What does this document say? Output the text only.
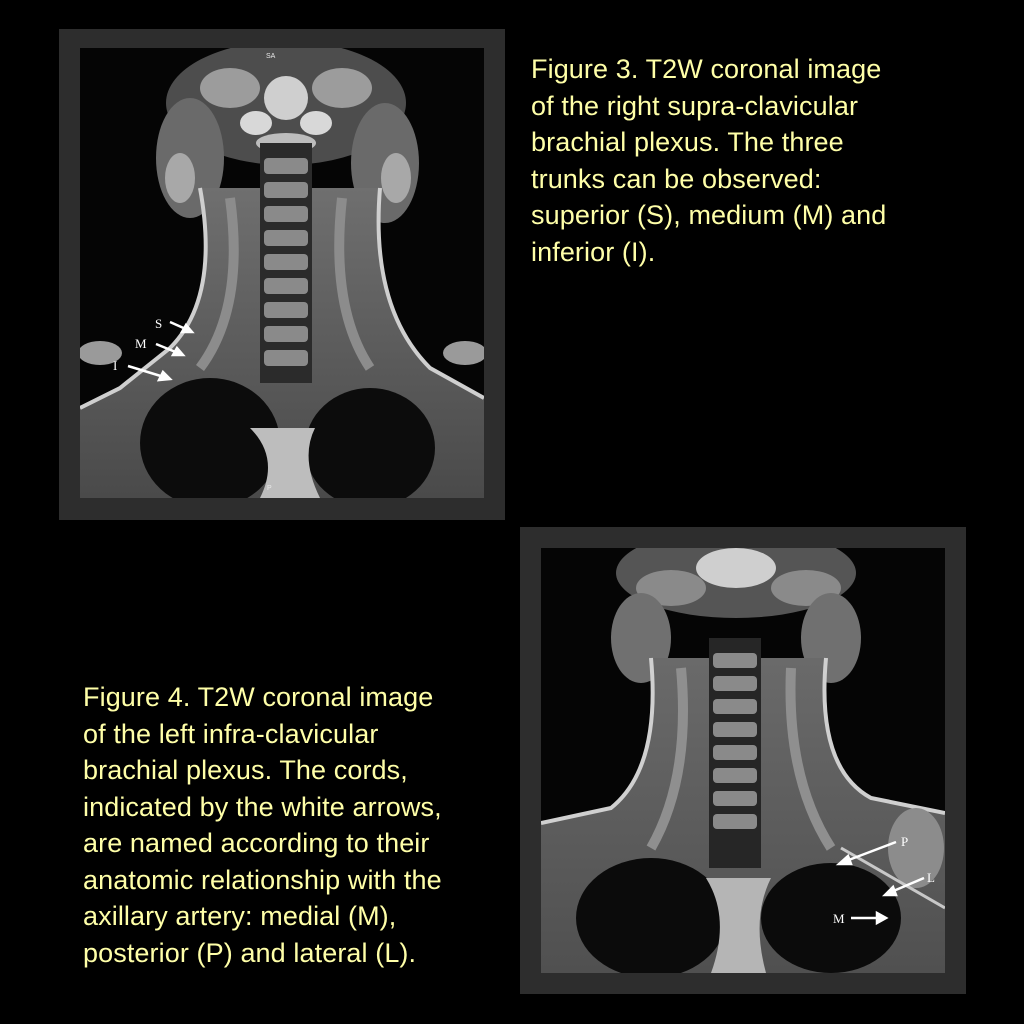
S
M
I
SA
P

Figure 3. T2W coronal image
of the right supra-clavicular
brachial plexus. The three
trunks can be observed:
superior (S), medium (M) and
inferior (I).

P
L
M

Figure 4. T2W coronal image
of the left infra-clavicular
brachial plexus. The cords,
indicated by the white arrows,
are named according to their
anatomic relationship with the
axillary artery: medial (M),
posterior (P) and lateral (L).
